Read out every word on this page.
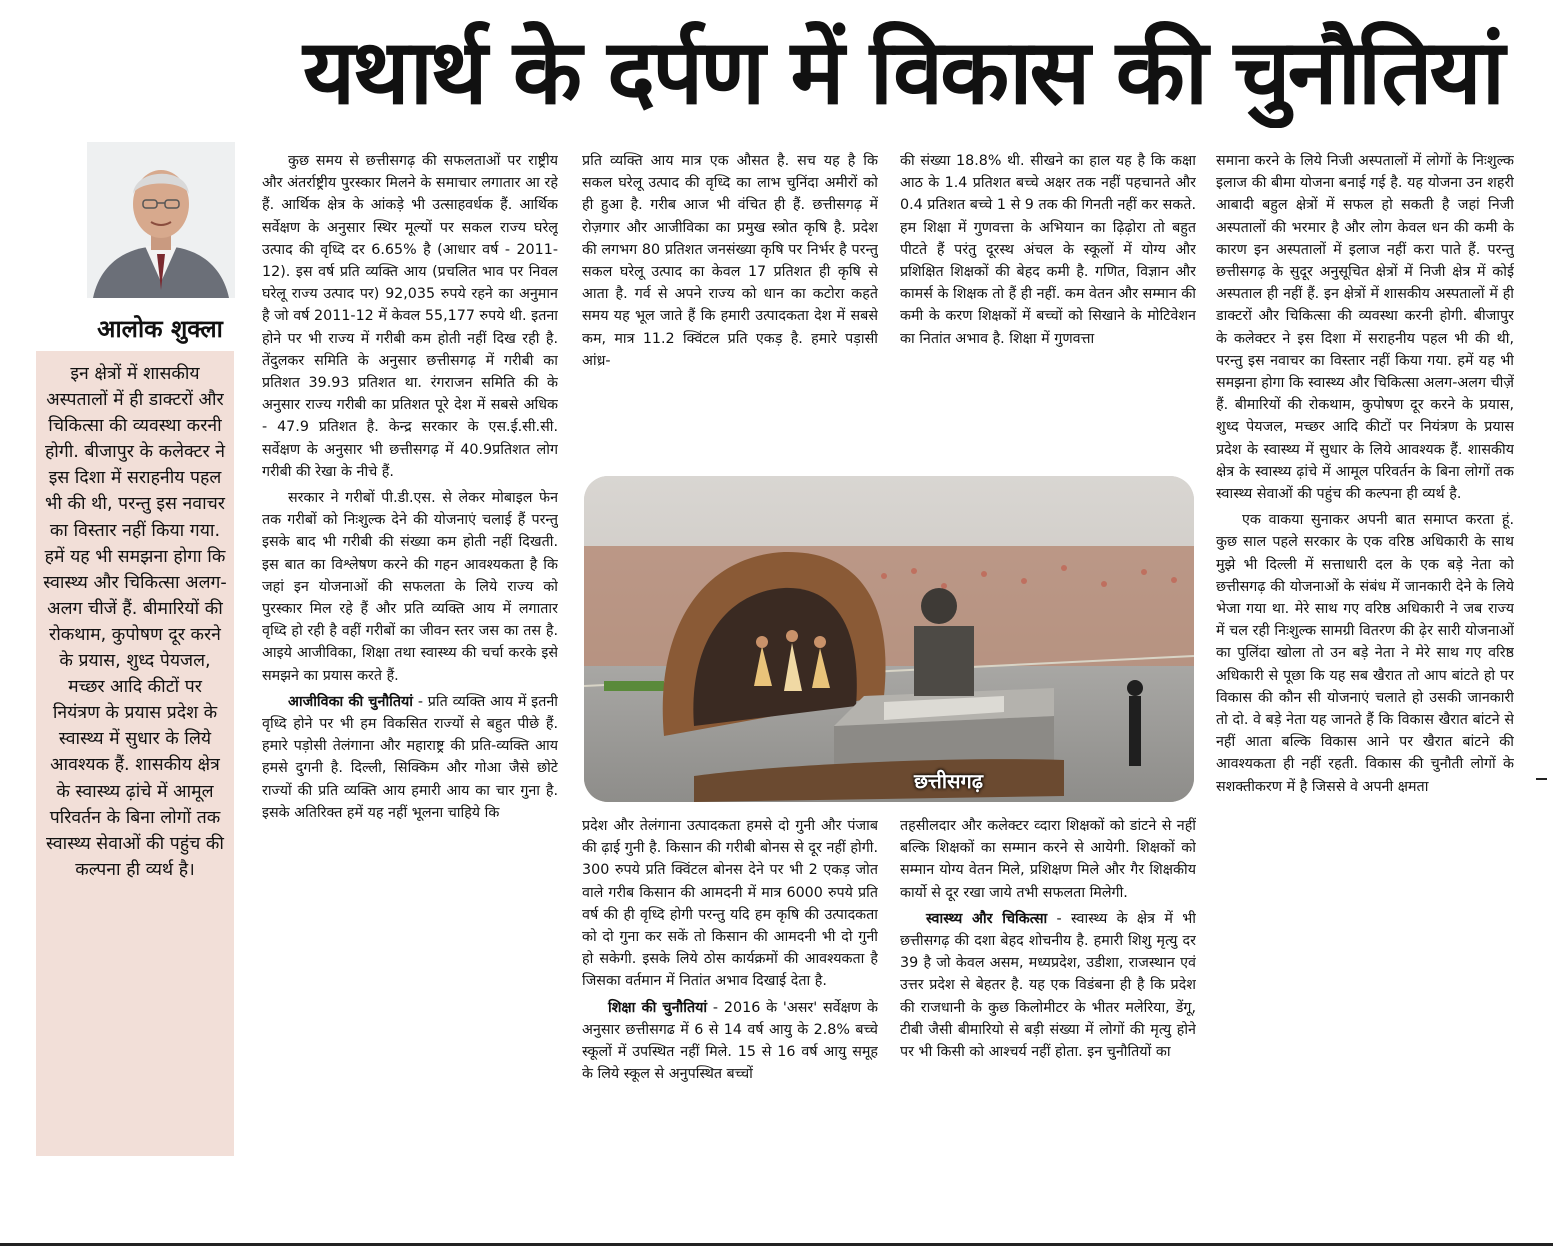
यथार्थ के दर्पण में विकास की चुनौतियां
आलोक शुक्ला
इन क्षेत्रों में शासकीय अस्पतालों में ही डाक्टरों और चिकित्सा की व्यवस्था करनी होगी. बीजापुर के कलेक्टर ने इस दिशा में सराहनीय पहल भी की थी, परन्तु इस नवाचर का विस्तार नहीं किया गया. हमें यह भी समझना होगा कि स्वास्थ्य और चिकित्सा अलग-अलग चीजें हैं. बीमारियों की रोकथाम, कुपोषण दूर करने के प्रयास, शुध्द पेयजल, मच्छर आदि कीटों पर नियंत्रण के प्रयास प्रदेश के स्वास्थ्य में सुधार के लिये आवश्यक हैं. शासकीय क्षेत्र के स्वास्थ्य ढ़ांचे में आमूल परिवर्तन के बिना लोगों तक स्वास्थ्य सेवाओं की पहुंच की कल्पना ही व्यर्थ है।

कुछ समय से छत्तीसगढ़ की सफलताओं पर राष्ट्रीय और अंतर्राष्ट्रीय पुरस्कार मिलने के समाचार लगातार आ रहे हैं. आर्थिक क्षेत्र के आंकड़े भी उत्साहवर्धक हैं. आर्थिक सर्वेक्षण के अनुसार स्थिर मूल्यों पर सकल राज्य घरेलू उत्पाद की वृध्दि दर 6.65% है (आधार वर्ष - 2011-12). इस वर्ष प्रति व्यक्ति आय (प्रचलित भाव पर निवल घरेलू राज्य उत्पाद पर) 92,035 रुपये रहने का अनुमान है जो वर्ष 2011-12 में केवल 55,177 रुपये थी. इतना होने पर भी राज्य में गरीबी कम होती नहीं दिख रही है. तेंदुलकर समिति के अनुसार छत्तीसगढ़ में गरीबी का प्रतिशत 39.93 प्रतिशत था. रंगराजन समिति की के अनुसार राज्य गरीबी का प्रतिशत पूरे देश में सबसे अधिक - 47.9 प्रतिशत है. केन्द्र सरकार के एस.ई.सी.सी. सर्वेक्षण के अनुसार भी छत्तीसगढ़ में 40.9प्रतिशत लोग गरीबी की रेखा के नीचे हैं.

सरकार ने गरीबों पी.डी.एस. से लेकर मोबाइल फेन तक गरीबों को निःशुल्क देने की योजनाएं चलाई हैं परन्तु इसके बाद भी गरीबी की संख्या कम होती नहीं दिखती. इस बात का विश्लेषण करने की गहन आवश्यकता है कि जहां इन योजनाओं की सफलता के लिये राज्य को पुरस्कार मिल रहे हैं और प्रति व्यक्ति आय में लगातार वृध्दि हो रही है वहीं गरीबों का जीवन स्तर जस का तस है. आइये आजीविका, शिक्षा तथा स्वास्थ्य की चर्चा करके इसे समझने का प्रयास करते हैं.

आजीविका की चुनौतियां - प्रति व्यक्ति आय में इतनी वृध्दि होने पर भी हम विकसित राज्यों से बहुत पीछे हैं. हमारे पड़ोसी तेलंगाना और महाराष्ट्र की प्रति-व्यक्ति आय हमसे दुगनी है. दिल्ली, सिक्किम और गोआ जैसे छोटे राज्यों की प्रति व्यक्ति आय हमारी आय का चार गुना है. इसके अतिरिक्त हमें यह नहीं भूलना चाहिये कि

प्रति व्यक्ति आय मात्र एक औसत है. सच यह है कि सकल घरेलू उत्पाद की वृध्दि का लाभ चुनिंदा अमीरों को ही हुआ है. गरीब आज भी वंचित ही हैं. छत्तीसगढ़ में रोज़गार और आजीविका का प्रमुख स्त्रोत कृषि है. प्रदेश की लगभग 80 प्रतिशत जनसंख्या कृषि पर निर्भर है परन्तु सकल घरेलू उत्पाद का केवल 17 प्रतिशत ही कृषि से आता है. गर्व से अपने राज्य को धान का कटोरा कहते समय यह भूल जाते हैं कि हमारी उत्पादकता देश में सबसे कम, मात्र 11.2 क्विंटल प्रति एकड़ है. हमारे पड़ासी आंध्र-

की संख्या 18.8% थी. सीखने का हाल यह है कि कक्षा आठ के 1.4 प्रतिशत बच्चे अक्षर तक नहीं पहचानते और 0.4 प्रतिशत बच्चे 1 से 9 तक की गिनती नहीं कर सकते. हम शिक्षा में गुणवत्ता के अभियान का ढ़िढ़ोरा तो बहुत पीटते हैं परंतु दूरस्थ अंचल के स्कूलों में योग्य और प्रशिक्षित शिक्षकों की बेहद कमी है. गणित, विज्ञान और कामर्स के शिक्षक तो हैं ही नहीं. कम वेतन और सम्मान की कमी के करण शिक्षकों में बच्चों को सिखाने के मोटिवेशन का नितांत अभाव है. शिक्षा में गुणवत्ता

छत्तीसगढ़

प्रदेश और तेलंगाना उत्पादकता हमसे दो गुनी और पंजाब की ढ़ाई गुनी है. किसान की गरीबी बोनस से दूर नहीं होगी. 300 रुपये प्रति क्विंटल बोनस देने पर भी 2 एकड़ जोत वाले गरीब किसान की आमदनी में मात्र 6000 रुपये प्रति वर्ष की ही वृध्दि होगी परन्तु यदि हम कृषि की उत्पादकता को दो गुना कर सकें तो किसान की आमदनी भी दो गुनी हो सकेगी. इसके लिये ठोस कार्यक्रमों की आवश्यकता है जिसका वर्तमान में नितांत अभाव दिखाई देता है.

शिक्षा की चुनौतियां - 2016 के 'असर' सर्वेक्षण के अनुसार छत्तीसगढ में 6 से 14 वर्ष आयु के 2.8% बच्चे स्कूलों में उपस्थित नहीं मिले. 15 से 16 वर्ष आयु समूह के लिये स्कूल से अनुपस्थित बच्चों

तहसीलदार और कलेक्टर व्दारा शिक्षकों को डांटने से नहीं बल्कि शिक्षकों का सम्मान करने से आयेगी. शिक्षकों को सम्मान योग्य वेतन मिले, प्रशिक्षण मिले और गैर शिक्षकीय कार्यो से दूर रखा जाये तभी सफलता मिलेगी.

स्वास्थ्य और चिकित्सा - स्वास्थ्य के क्षेत्र में भी छत्तीसगढ़ की दशा बेहद शोचनीय है. हमारी शिशु मृत्यु दर 39 है जो केवल असम, मध्यप्रदेश, उडीशा, राजस्थान एवं उत्तर प्रदेश से बेहतर है. यह एक विडंबना ही है कि प्रदेश की राजधानी के कुछ किलोमीटर के भीतर मलेरिया, डेंगू, टीबी जैसी बीमारियो से बड़ी संख्या में लोगों की मृत्यु होने पर भी किसी को आश्चर्य नहीं होता. इन चुनौतियों का

समाना करने के लिये निजी अस्पतालों में लोगों के निःशुल्क इलाज की बीमा योजना बनाई गई है. यह योजना उन शहरी आबादी बहुल क्षेत्रों में सफल हो सकती है जहां निजी अस्पतालों की भरमार है और लोग केवल धन की कमी के कारण इन अस्पतालों में इलाज नहीं करा पाते हैं. परन्तु छत्तीसगढ़ के सुदूर अनुसूचित क्षेत्रों में निजी क्षेत्र में कोई अस्पताल ही नहीं हैं. इन क्षेत्रों में शासकीय अस्पतालों में ही डाक्टरों और चिकित्सा की व्यवस्था करनी होगी. बीजापुर के कलेक्टर ने इस दिशा में सराहनीय पहल भी की थी, परन्तु इस नवाचर का विस्तार नहीं किया गया. हमें यह भी समझना होगा कि स्वास्थ्य और चिकित्सा अलग-अलग चीज़ें हैं. बीमारियों की रोकथाम, कुपोषण दूर करने के प्रयास, शुध्द पेयजल, मच्छर आदि कीटों पर नियंत्रण के प्रयास प्रदेश के स्वास्थ्य में सुधार के लिये आवश्यक हैं. शासकीय क्षेत्र के स्वास्थ्य ढ़ांचे में आमूल परिवर्तन के बिना लोगों तक स्वास्थ्य सेवाओं की पहुंच की कल्पना ही व्यर्थ है.

एक वाकया सुनाकर अपनी बात समाप्त करता हूं. कुछ साल पहले सरकार के एक वरिष्ठ अधिकारी के साथ मुझे भी दिल्ली में सत्ताधारी दल के एक बड़े नेता को छत्तीसगढ़ की योजनाओं के संबंध में जानकारी देने के लिये भेजा गया था. मेरे साथ गए वरिष्ठ अधिकारी ने जब राज्य में चल रही निःशुल्क सामग्री वितरण की ढ़ेर सारी योजनाओं का पुलिंदा खोला तो उन बड़े नेता ने मेरे साथ गए वरिष्ठ अधिकारी से पूछा कि यह सब खैरात तो आप बांटते हो पर विकास की कौन सी योजनाएं चलाते हो उसकी जानकारी तो दो. वे बड़े नेता यह जानते हैं कि विकास खैरात बांटने से नहीं आता बल्कि विकास आने पर खैरात बांटने की आवश्यकता ही नहीं रहती. विकास की चुनौती लोगों के सशक्तीकरण में है जिससे वे अपनी क्षमता
